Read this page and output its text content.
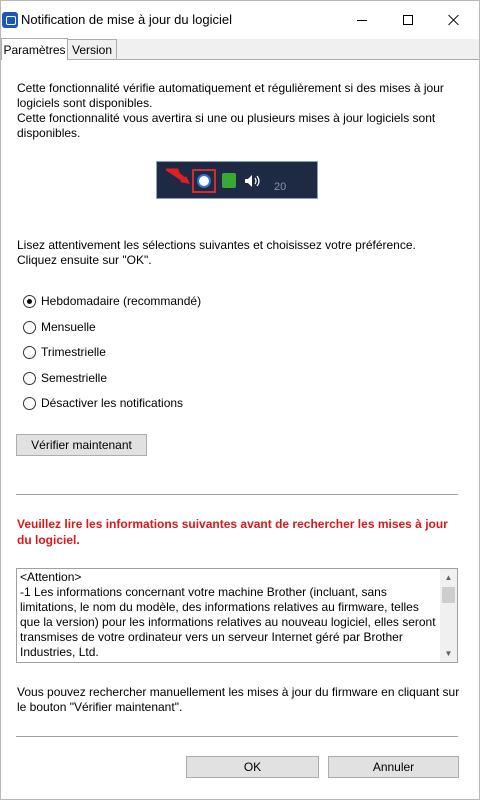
Notification de mise à jour du logiciel
Paramètres Version
Cette fonctionnalité vérifie automatiquement et régulièrement si des mises à jour logiciels sont disponibles.
Cette fonctionnalité vous avertira si une ou plusieurs mises à jour logiciels sont disponibles.
20
Lisez attentivement les sélections suivantes et choisissez votre préférence.
Cliquez ensuite sur "OK".
Hebdomadaire (recommandé)
Mensuelle
Trimestrielle
Semestrielle
Désactiver les notifications
Vérifier maintenant
Veuillez lire les informations suivantes avant de rechercher les mises à jour du logiciel.
<Attention>
-1 Les informations concernant votre machine Brother (incluant, sans limitations, le nom du modèle, des informations relatives au firmware, telles que la version) pour les informations relatives au nouveau logiciel, elles seront transmises de votre ordinateur vers un serveur Internet géré par Brother Industries, Ltd.
▲
▼
Vous pouvez rechercher manuellement les mises à jour du firmware en cliquant sur le bouton "Vérifier maintenant".
OK	Annuler
